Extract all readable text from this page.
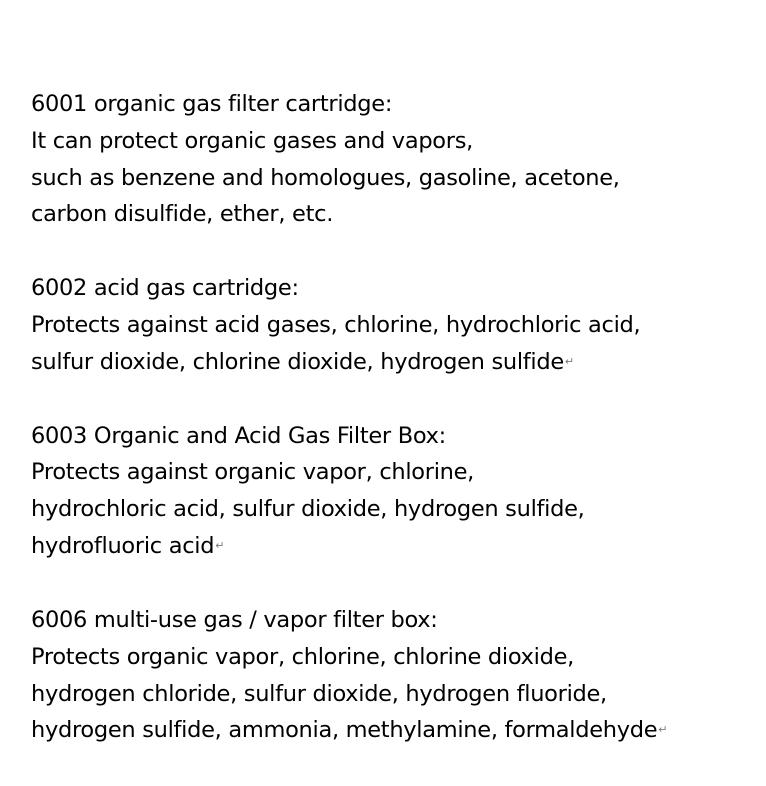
6001 organic gas filter cartridge:
It can protect organic gases and vapors,
such as benzene and homologues, gasoline, acetone,
carbon disulfide, ether, etc.
6002 acid gas cartridge:
Protects against acid gases, chlorine, hydrochloric acid,
sulfur dioxide, chlorine dioxide, hydrogen sulfide↵
6003 Organic and Acid Gas Filter Box:
Protects against organic vapor, chlorine,
hydrochloric acid, sulfur dioxide, hydrogen sulfide,
hydrofluoric acid↵
6006 multi-use gas / vapor filter box:
Protects organic vapor, chlorine, chlorine dioxide,
hydrogen chloride, sulfur dioxide, hydrogen fluoride,
hydrogen sulfide, ammonia, methylamine, formaldehyde↵
